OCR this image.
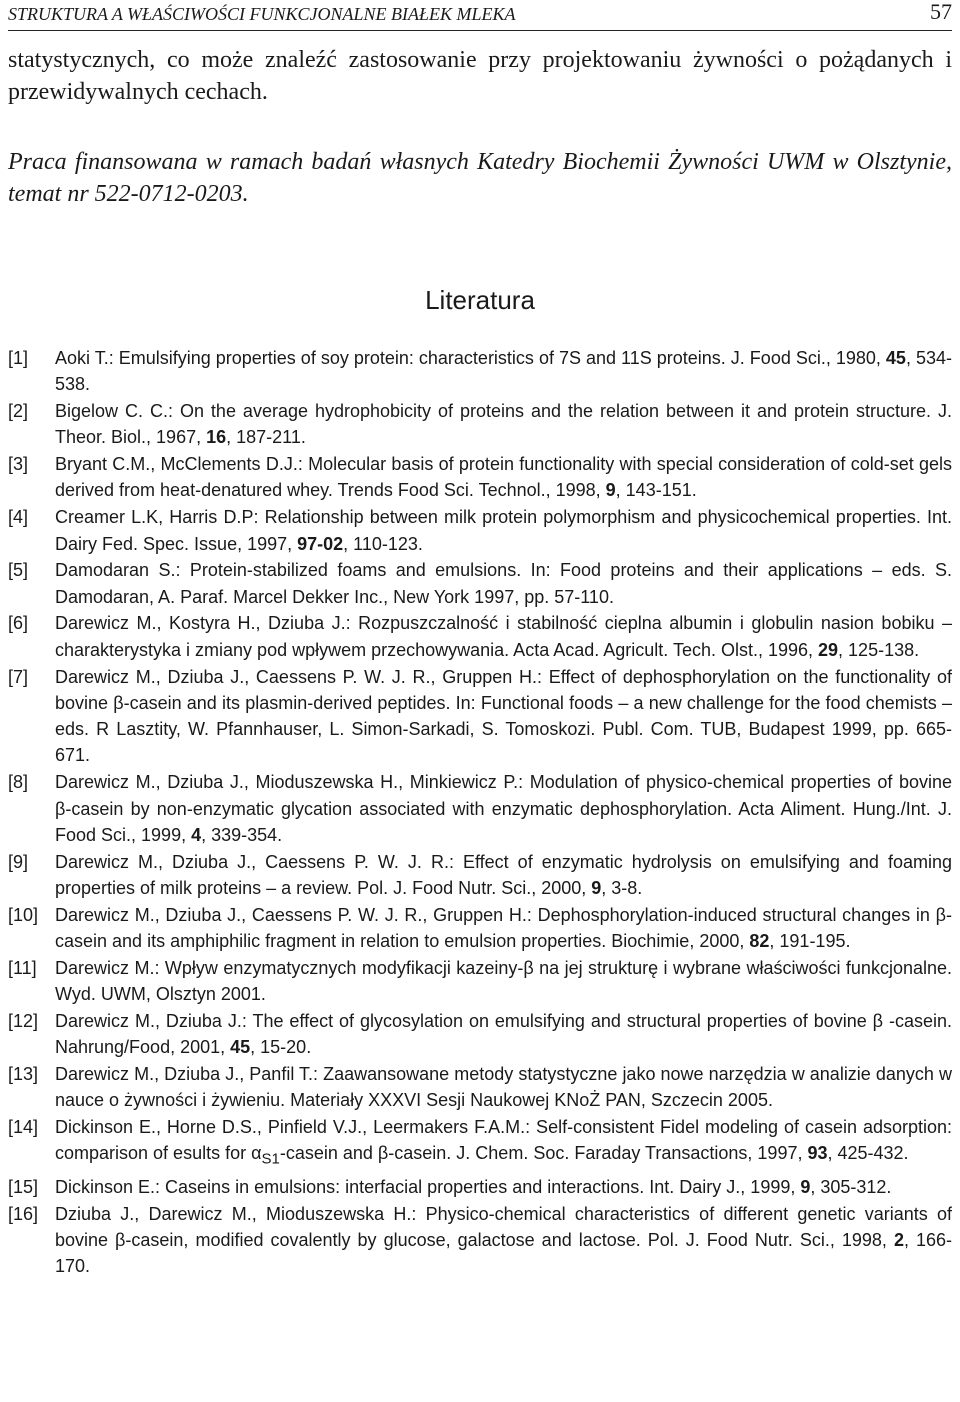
STRUKTURA A WŁAŚCIWOŚCI FUNKCJONALNE BIAŁEK MLEKA	57

statystycznych, co może znaleźć zastosowanie przy projektowaniu żywności o pożądanych i przewidywalnych cechach.

Praca finansowana w ramach badań własnych Katedry Biochemii Żywności UWM w Olsztynie, temat nr 522-0712-0203.

Literatura
[1] Aoki T.: Emulsifying properties of soy protein: characteristics of 7S and 11S proteins. J. Food Sci., 1980, 45, 534-538.
[2] Bigelow C. C.: On the average hydrophobicity of proteins and the relation between it and protein structure. J. Theor. Biol., 1967, 16, 187-211.
[3] Bryant C.M., McClements D.J.: Molecular basis of protein functionality with special consideration of cold-set gels derived from heat-denatured whey. Trends Food Sci. Technol., 1998, 9, 143-151.
[4] Creamer L.K, Harris D.P: Relationship between milk protein polymorphism and physicochemical properties. Int. Dairy Fed. Spec. Issue, 1997, 97-02, 110-123.
[5] Damodaran S.: Protein-stabilized foams and emulsions. In: Food proteins and their applications – eds. S. Damodaran, A. Paraf. Marcel Dekker Inc., New York 1997, pp. 57-110.
[6] Darewicz M., Kostyra H., Dziuba J.: Rozpuszczalność i stabilność cieplna albumin i globulin nasion bobiku – charakterystyka i zmiany pod wpływem przechowywania. Acta Acad. Agricult. Tech. Olst., 1996, 29, 125-138.
[7] Darewicz M., Dziuba J., Caessens P. W. J. R., Gruppen H.: Effect of dephosphorylation on the functionality of bovine β-casein and its plasmin-derived peptides. In: Functional foods – a new challenge for the food chemists – eds. R Lasztity, W. Pfannhauser, L. Simon-Sarkadi, S. Tomoskozi. Publ. Com. TUB, Budapest 1999, pp. 665-671.
[8] Darewicz M., Dziuba J., Mioduszewska H., Minkiewicz P.: Modulation of physico-chemical properties of bovine β-casein by non-enzymatic glycation associated with enzymatic dephosphorylation. Acta Aliment. Hung./Int. J. Food Sci., 1999, 4, 339-354.
[9] Darewicz M., Dziuba J., Caessens P. W. J. R.: Effect of enzymatic hydrolysis on emulsifying and foaming properties of milk proteins – a review. Pol. J. Food Nutr. Sci., 2000, 9, 3-8.
[10] Darewicz M., Dziuba J., Caessens P. W. J. R., Gruppen H.: Dephosphorylation-induced structural changes in β-casein and its amphiphilic fragment in relation to emulsion properties. Biochimie, 2000, 82, 191-195.
[11] Darewicz M.: Wpływ enzymatycznych modyfikacji kazeiny-β na jej strukturę i wybrane właściwości funkcjonalne. Wyd. UWM, Olsztyn 2001.
[12] Darewicz M., Dziuba J.: The effect of glycosylation on emulsifying and structural properties of bovine β -casein. Nahrung/Food, 2001, 45, 15-20.
[13] Darewicz M., Dziuba J., Panfil T.: Zaawansowane metody statystyczne jako nowe narzędzia w analizie danych w nauce o żywności i żywieniu. Materiały XXXVI Sesji Naukowej KNoŻ PAN, Szczecin 2005.
[14] Dickinson E., Horne D.S., Pinfield V.J., Leermakers F.A.M.: Self-consistent Fidel modeling of casein adsorption: comparison of esults for $\alpha_{S1}$-casein and β-casein. J. Chem. Soc. Faraday Transactions, 1997, 93, 425-432.
[15] Dickinson E.: Caseins in emulsions: interfacial properties and interactions. Int. Dairy J., 1999, 9, 305-312.
[16] Dziuba J., Darewicz M., Mioduszewska H.: Physico-chemical characteristics of different genetic variants of bovine β-casein, modified covalently by glucose, galactose and lactose. Pol. J. Food Nutr. Sci., 1998, 2, 166-170.
